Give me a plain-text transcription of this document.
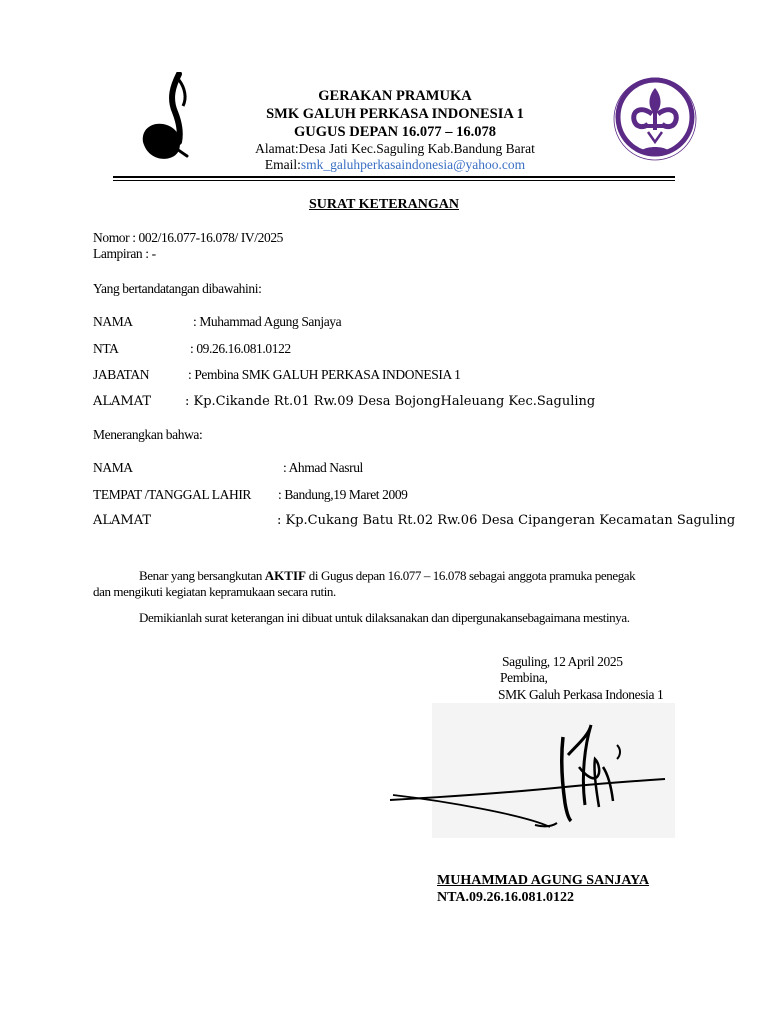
GERAKAN PRAMUKA
SMK GALUH PERKASA INDONESIA 1
GUGUS DEPAN 16.077 – 16.078
Alamat:Desa Jati Kec.Saguling Kab.Bandung Barat
Email:smk_galuhperkasaindonesia@yahoo.com
SURAT KETERANGAN
Nomor : 002/16.077-16.078/ IV/2025
Lampiran : -
Yang bertandatangan dibawahini:
NAMA	: Muhammad Agung Sanjaya
NTA	: 09.26.16.081.0122
JABATAN	: Pembina SMK GALUH PERKASA INDONESIA 1
ALAMAT	: Kp.Cikande Rt.01 Rw.09 Desa BojongHaleuang Kec.Saguling
Menerangkan bahwa:
NAMA	: Ahmad Nasrul
TEMPAT /TANGGAL LAHIR : Bandung,19 Maret 2009
ALAMAT	: Kp.Cukang Batu Rt.02 Rw.06 Desa Cipangeran Kecamatan Saguling
Benar yang bersangkutan AKTIF di Gugus depan 16.077 – 16.078 sebagai anggota pramuka penegak dan mengikuti kegiatan kepramukaan secara rutin.
Demikianlah surat keterangan ini dibuat untuk dilaksanakan dan dipergunakansebagaimana mestinya.
Saguling, 12 April 2025
Pembina,
SMK Galuh Perkasa Indonesia 1
MUHAMMAD AGUNG SANJAYA
NTA.09.26.16.081.0122
